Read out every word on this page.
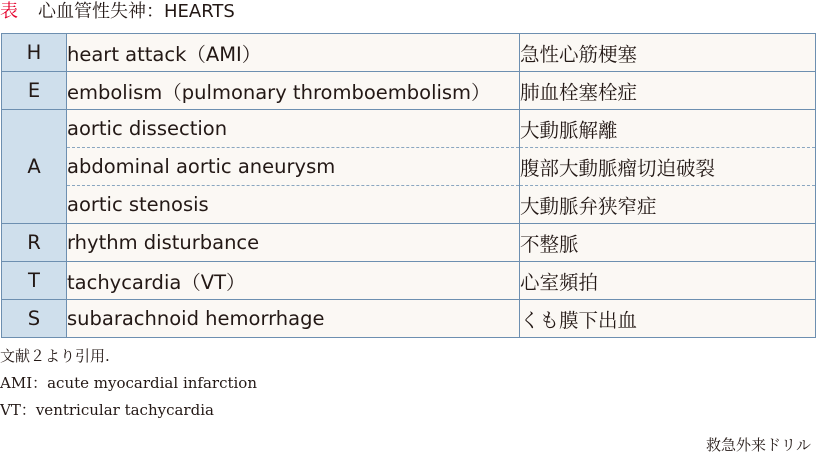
表 心血管性失神：HEARTS
H	heart attack（AMI）	急性心筋梗塞
E	embolism（pulmonary thromboembolism）	肺血栓塞栓症
A	aortic dissection	大動脈解離
	abdominal aortic aneurysm	腹部大動脈瘤切迫破裂
	aortic stenosis	大動脈弁狭窄症
R	rhythm disturbance	不整脈
T	tachycardia（VT）	心室頻拍
S	subarachnoid hemorrhage	くも膜下出血
文献２より引用.
AMI：acute myocardial infarction
VT：ventricular tachycardia
救急外来ドリル
